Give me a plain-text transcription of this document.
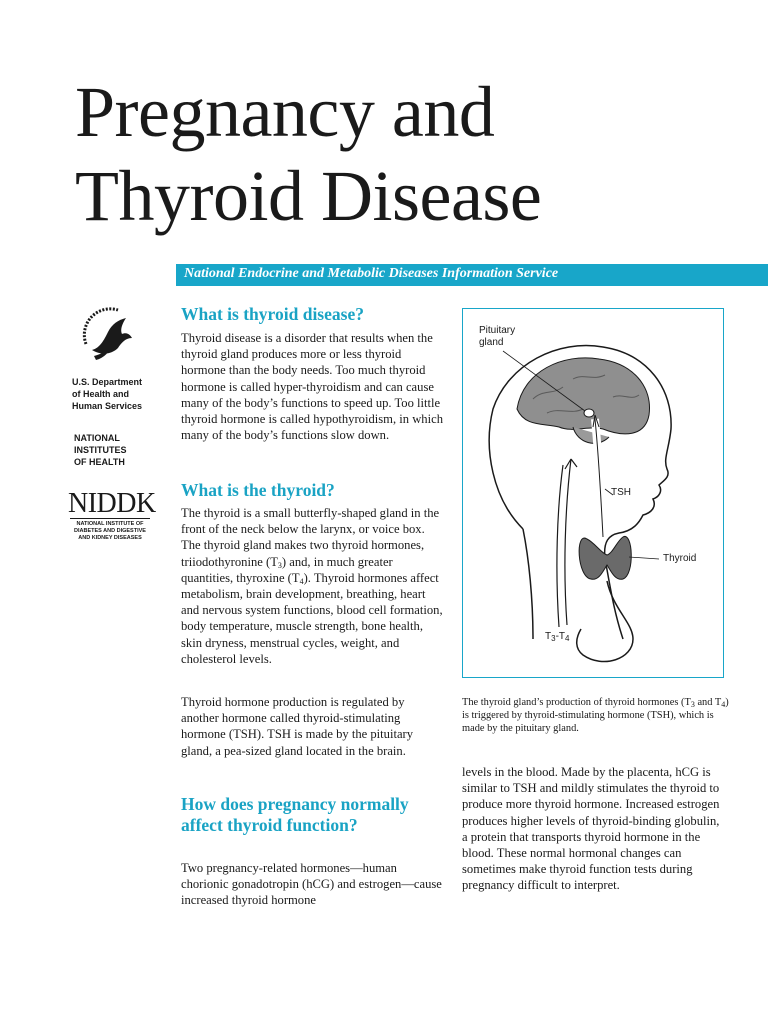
Pregnancy and
Thyroid Disease
National Endocrine and Metabolic Diseases Information Service
U.S. Department
of Health and
Human Services
NATIONAL
INSTITUTES
OF HEALTH
NIDDK
NATIONAL INSTITUTE OF
DIABETES AND DIGESTIVE
AND KIDNEY DISEASES
What is thyroid disease?

Thyroid disease is a disorder that results when the thyroid gland produces more or less thyroid hormone than the body needs. Too much thyroid hormone is called hyper-thyroidism and can cause many of the body’s functions to speed up. Too little thyroid hormone is called hypothyroidism, in which many of the body’s functions slow down.

What is the thyroid?

The thyroid is a small butterfly-shaped gland in the front of the neck below the larynx, or voice box. The thyroid gland makes two thyroid hormones, triiodothyronine $(T_3)$ and, in much greater quantities, thyroxine $(T_4)$. Thyroid hormones affect metabolism, brain development, breathing, heart and nervous system functions, blood cell formation, body temperature, muscle strength, bone health, skin dryness, menstrual cycles, weight, and cholesterol levels.

Thyroid hormone production is regulated by another hormone called thyroid-stimulating hormone (TSH). TSH is made by the pituitary gland, a pea-sized gland located in the brain.

How does pregnancy normally affect thyroid function?

Two pregnancy-related hormones—human chorionic gonadotropin (hCG) and estrogen—cause increased thyroid hormone

Pituitary gland
TSH
Thyroid
$T_3-T_4$

The thyroid gland’s production of thyroid hormones ($T_3$ and $T_4$) is triggered by thyroid-stimulating hormone (TSH), which is made by the pituitary gland.

levels in the blood. Made by the placenta, hCG is similar to TSH and mildly stimulates the thyroid to produce more thyroid hormone. Increased estrogen produces higher levels of thyroid-binding globulin, a protein that transports thyroid hormone in the blood. These normal hormonal changes can sometimes make thyroid function tests during pregnancy difficult to interpret.
